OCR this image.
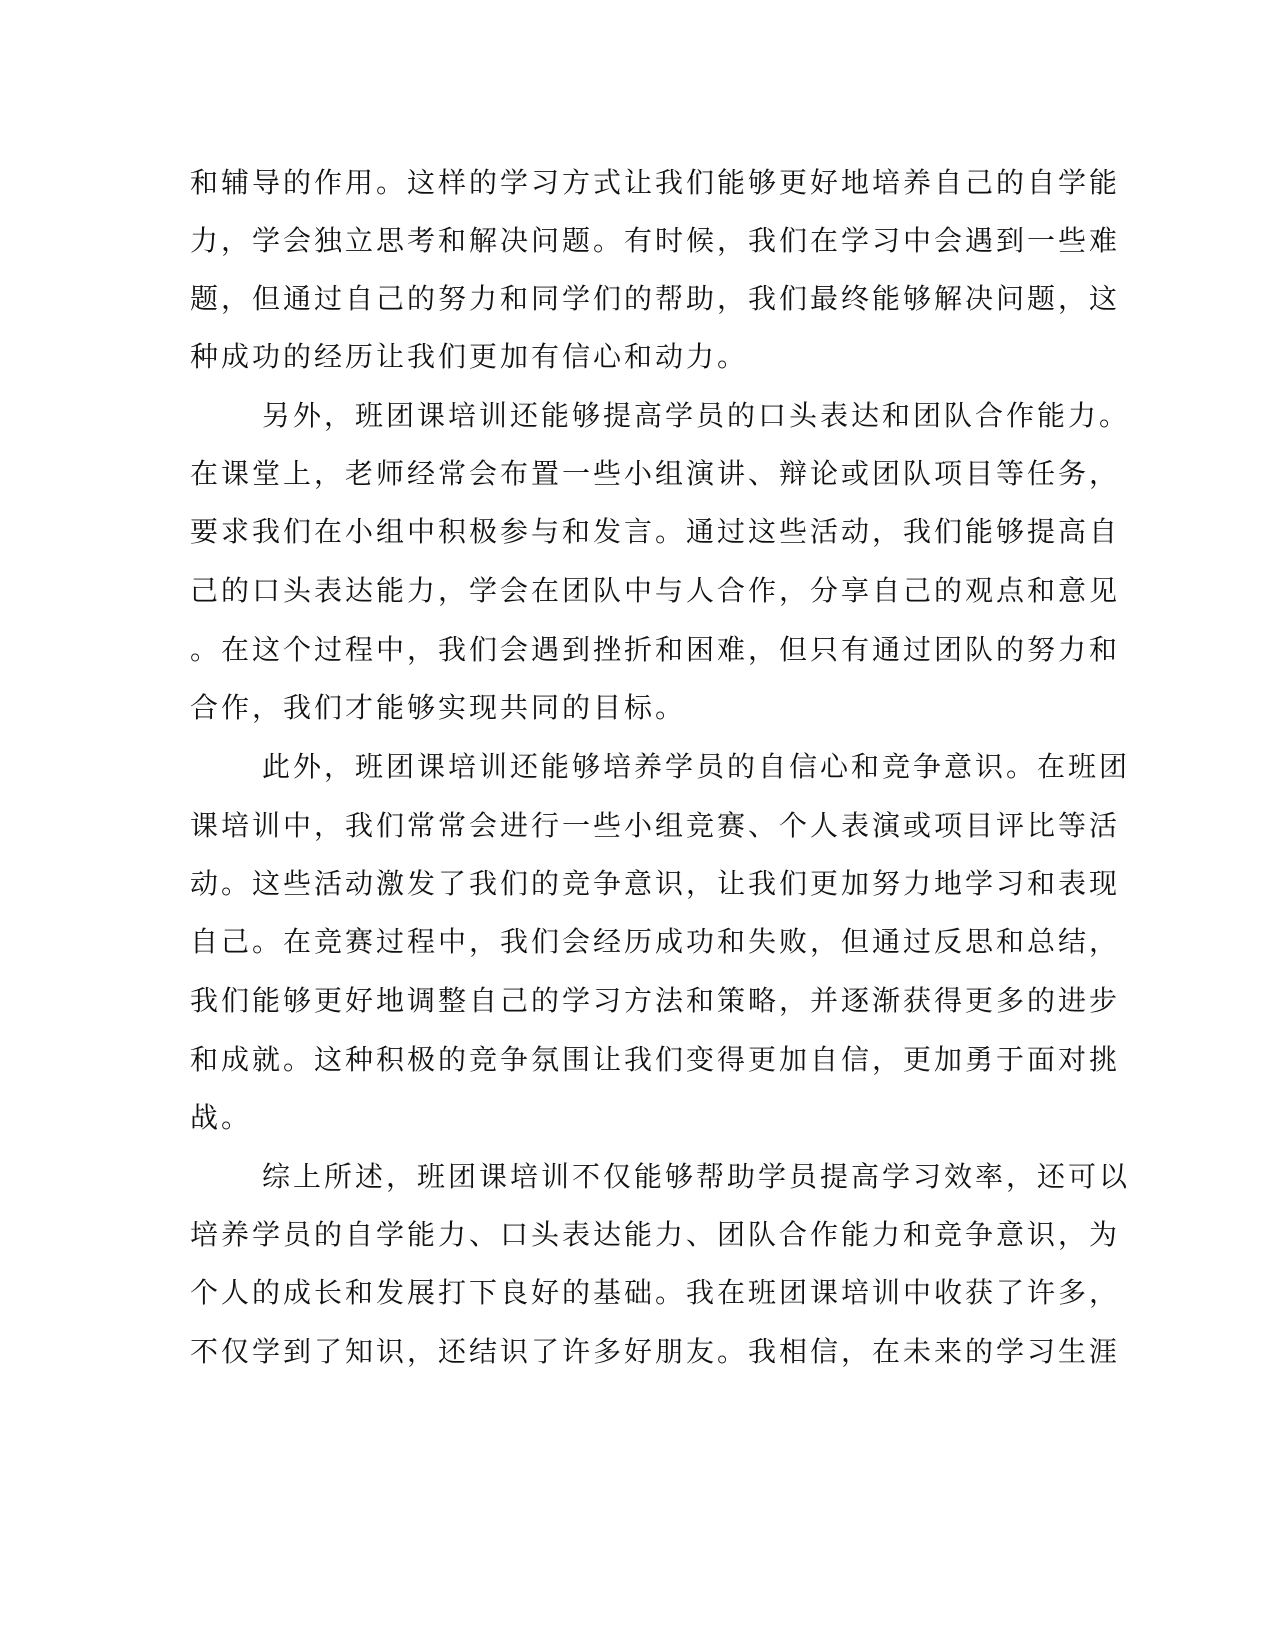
和辅导的作用。这样的学习方式让我们能够更好地培养自己的自学能

力，学会独立思考和解决问题。有时候，我们在学习中会遇到一些难

题，但通过自己的努力和同学们的帮助，我们最终能够解决问题，这

种成功的经历让我们更加有信心和动力。

另外，班团课培训还能够提高学员的口头表达和团队合作能力。

在课堂上，老师经常会布置一些小组演讲、辩论或团队项目等任务，

要求我们在小组中积极参与和发言。通过这些活动，我们能够提高自

己的口头表达能力，学会在团队中与人合作，分享自己的观点和意见

。在这个过程中，我们会遇到挫折和困难，但只有通过团队的努力和

合作，我们才能够实现共同的目标。

此外，班团课培训还能够培养学员的自信心和竞争意识。在班团

课培训中，我们常常会进行一些小组竞赛、个人表演或项目评比等活

动。这些活动激发了我们的竞争意识，让我们更加努力地学习和表现

自己。在竞赛过程中，我们会经历成功和失败，但通过反思和总结，

我们能够更好地调整自己的学习方法和策略，并逐渐获得更多的进步

和成就。这种积极的竞争氛围让我们变得更加自信，更加勇于面对挑

战。

综上所述，班团课培训不仅能够帮助学员提高学习效率，还可以

培养学员的自学能力、口头表达能力、团队合作能力和竞争意识，为

个人的成长和发展打下良好的基础。我在班团课培训中收获了许多，

不仅学到了知识，还结识了许多好朋友。我相信，在未来的学习生涯
